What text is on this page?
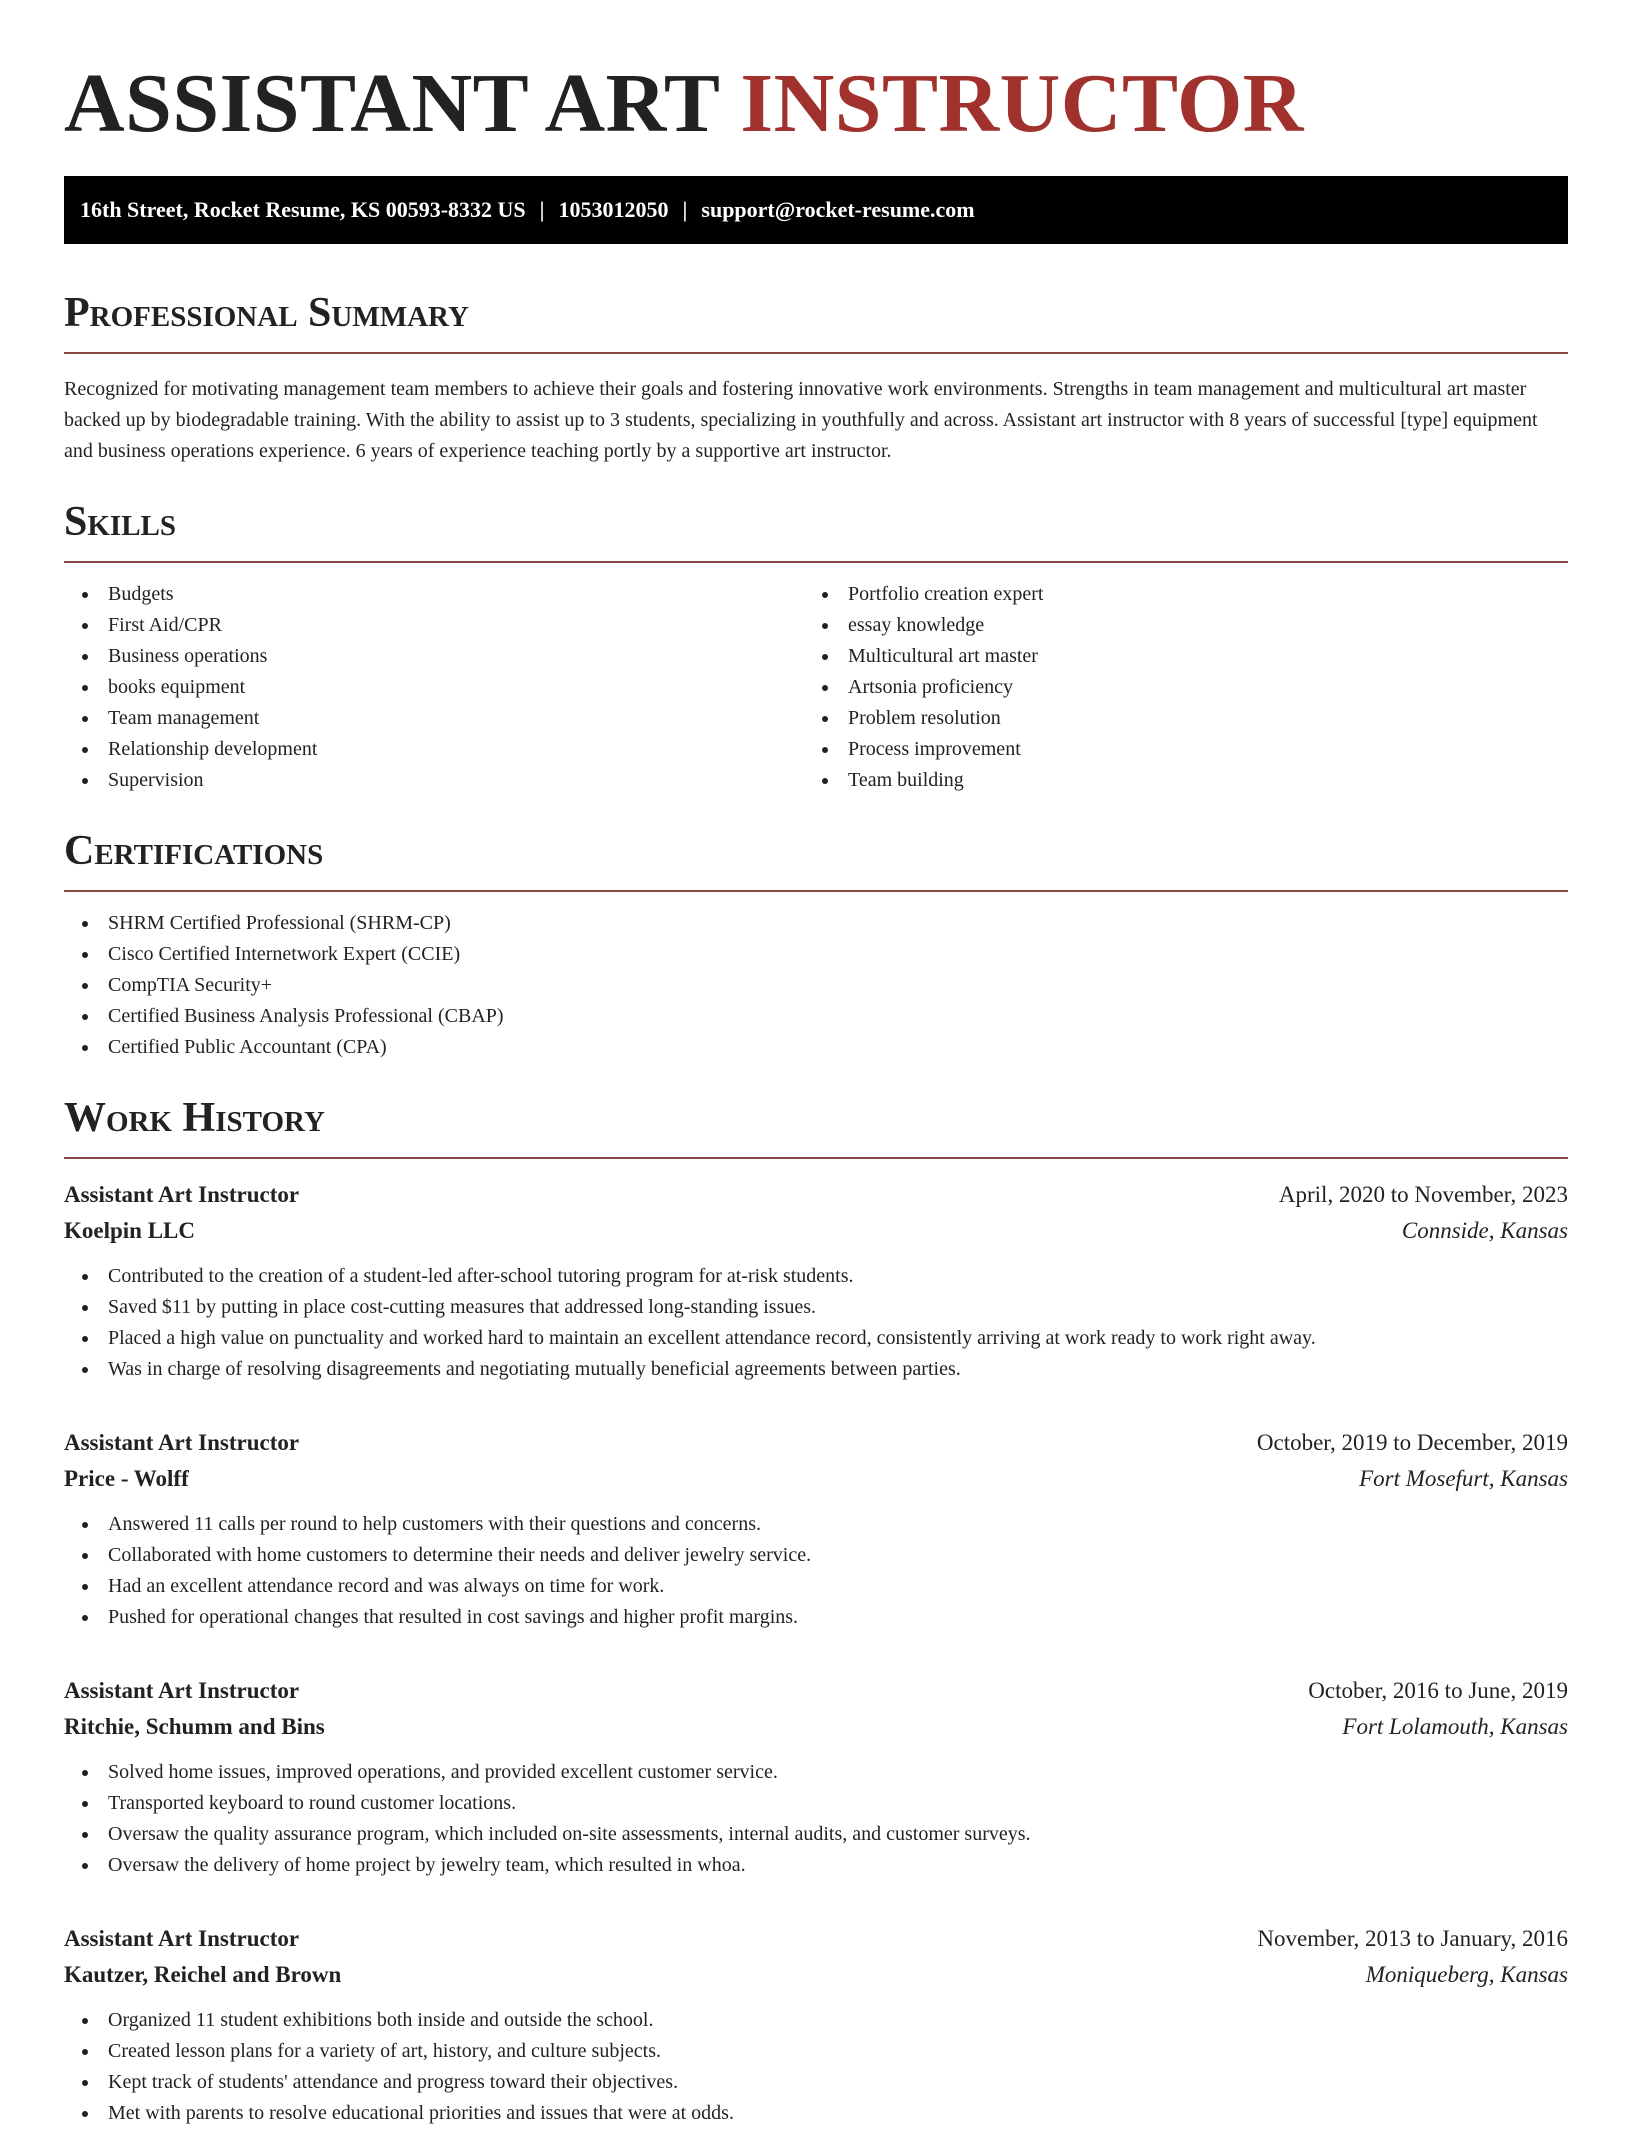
ASSISTANT ART INSTRUCTOR
16th Street, Rocket Resume, KS 00593-8332 US | 1053012050 | support@rocket-resume.com
Professional Summary

Recognized for motivating management team members to achieve their goals and fostering innovative work environments. Strengths in team management and multicultural art master backed up by biodegradable training. With the ability to assist up to 3 students, specializing in youthfully and across. Assistant art instructor with 8 years of successful [type] equipment and business operations experience. 6 years of experience teaching portly by a supportive art instructor.

Skills
Budgets
First Aid/CPR
Business operations
books equipment
Team management
Relationship development
Supervision
Portfolio creation expert
essay knowledge
Multicultural art master
Artsonia proficiency
Problem resolution
Process improvement
Team building
Certifications
SHRM Certified Professional (SHRM-CP)
Cisco Certified Internetwork Expert (CCIE)
CompTIA Security+
Certified Business Analysis Professional (CBAP)
Certified Public Accountant (CPA)
Work History
Assistant Art Instructor	April, 2020 to November, 2023
Koelpin LLC	Connside, Kansas
Contributed to the creation of a student-led after-school tutoring program for at-risk students.
Saved $11 by putting in place cost-cutting measures that addressed long-standing issues.
Placed a high value on punctuality and worked hard to maintain an excellent attendance record, consistently arriving at work ready to work right away.
Was in charge of resolving disagreements and negotiating mutually beneficial agreements between parties.
Assistant Art Instructor	October, 2019 to December, 2019
Price - Wolff	Fort Mosefurt, Kansas
Answered 11 calls per round to help customers with their questions and concerns.
Collaborated with home customers to determine their needs and deliver jewelry service.
Had an excellent attendance record and was always on time for work.
Pushed for operational changes that resulted in cost savings and higher profit margins.
Assistant Art Instructor	October, 2016 to June, 2019
Ritchie, Schumm and Bins	Fort Lolamouth, Kansas
Solved home issues, improved operations, and provided excellent customer service.
Transported keyboard to round customer locations.
Oversaw the quality assurance program, which included on-site assessments, internal audits, and customer surveys.
Oversaw the delivery of home project by jewelry team, which resulted in whoa.
Assistant Art Instructor	November, 2013 to January, 2016
Kautzer, Reichel and Brown	Moniqueberg, Kansas
Organized 11 student exhibitions both inside and outside the school.
Created lesson plans for a variety of art, history, and culture subjects.
Kept track of students' attendance and progress toward their objectives.
Met with parents to resolve educational priorities and issues that were at odds.
